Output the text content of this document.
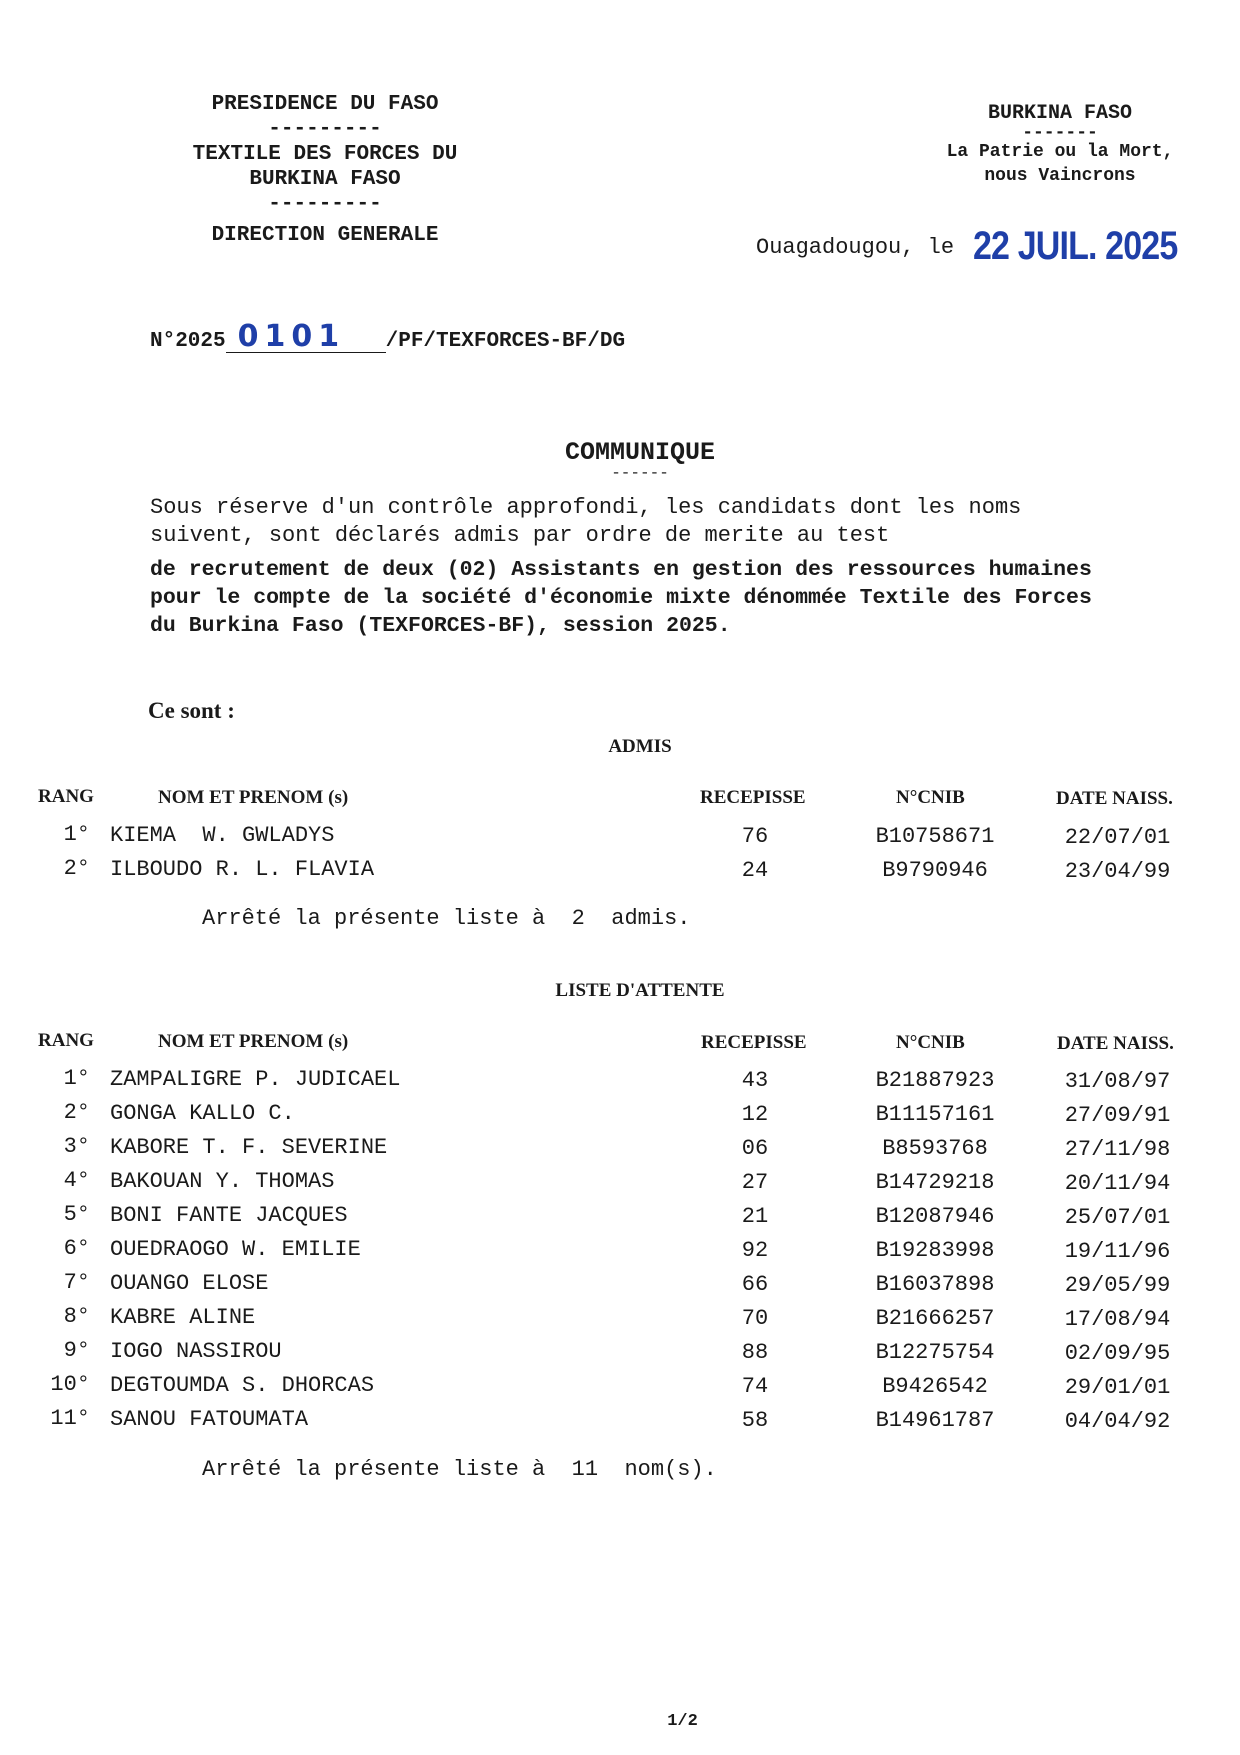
PRESIDENCE DU FASO
---------
TEXTILE DES FORCES DU
BURKINA FASO
---------
DIRECTION GENERALE
BURKINA FASO
-------
La Patrie ou la Mort,
nous Vaincrons
Ouagadougou, le 22 JUIL. 2025
N°2025 0101 /PF/TEXFORCES-BF/DG
COMMUNIQUE
------
Sous réserve d'un contrôle approfondi, les candidats dont les noms suivent, sont déclarés admis par ordre de merite au test
de recrutement de deux (02) Assistants en gestion des ressources humaines pour le compte de la société d'économie mixte dénommée Textile des Forces du Burkina Faso (TEXFORCES-BF), session 2025.
Ce sont :
ADMIS
RANG	NOM ET PRENOM (s)	RECEPISSE	N°CNIB	DATE NAISS.
1° KIEMA  W. GWLADYS	76	B10758671	22/07/01
2° ILBOUDO R. L. FLAVIA	24	B9790946	23/04/99
Arrêté la présente liste à  2  admis.
LISTE D'ATTENTE
RANG	NOM ET PRENOM (s)	RECEPISSE	N°CNIB	DATE NAISS.
1° ZAMPALIGRE P. JUDICAEL	43	B21887923	31/08/97
2° GONGA KALLO C.	12	B11157161	27/09/91
3° KABORE T. F. SEVERINE	06	B8593768	27/11/98
4° BAKOUAN Y. THOMAS	27	B14729218	20/11/94
5° BONI FANTE JACQUES	21	B12087946	25/07/01
6° OUEDRAOGO W. EMILIE	92	B19283998	19/11/96
7° OUANGO ELOSE	66	B16037898	29/05/99
8° KABRE ALINE	70	B21666257	17/08/94
9° IOGO NASSIROU	88	B12275754	02/09/95
10° DEGTOUMDA S. DHORCAS	74	B9426542	29/01/01
11° SANOU FATOUMATA	58	B14961787	04/04/92
Arrêté la présente liste à  11  nom(s).
1/2
